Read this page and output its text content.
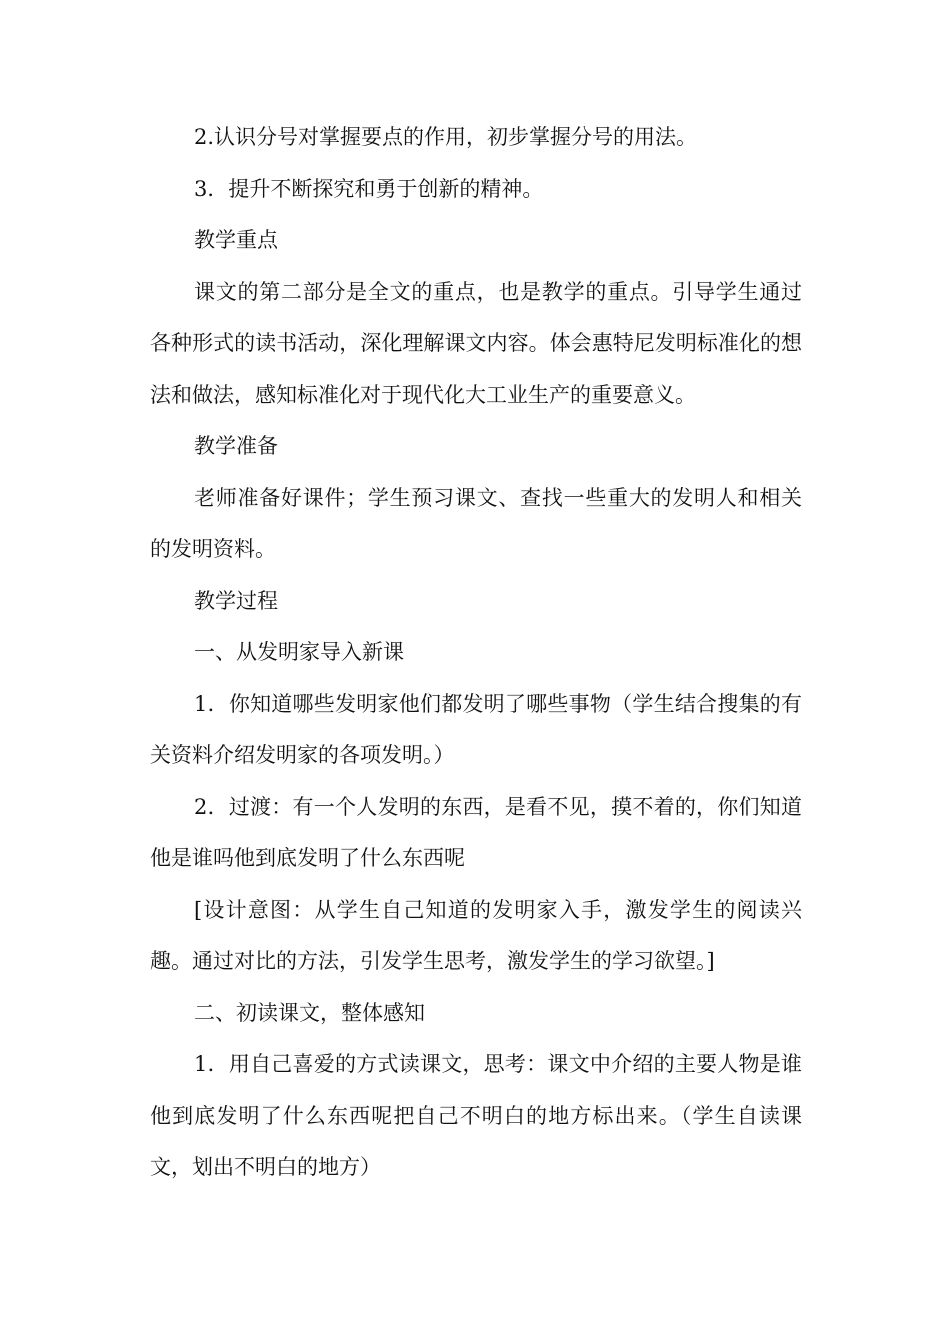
2.认识分号对掌握要点的作用，初步掌握分号的用法。

3．提升不断探究和勇于创新的精神。

教学重点

课文的第二部分是全文的重点，也是教学的重点。引导学生通过各种形式的读书活动，深化理解课文内容。体会惠特尼发明标准化的想法和做法，感知标准化对于现代化大工业生产的重要意义。

教学准备

老师准备好课件；学生预习课文、查找一些重大的发明人和相关的发明资料。

教学过程

一、从发明家导入新课

1．你知道哪些发明家他们都发明了哪些事物（学生结合搜集的有关资料介绍发明家的各项发明。）

2．过渡：有一个人发明的东西，是看不见，摸不着的，你们知道他是谁吗他到底发明了什么东西呢

[设计意图：从学生自己知道的发明家入手，激发学生的阅读兴趣。通过对比的方法，引发学生思考，激发学生的学习欲望。]

二、初读课文，整体感知

1．用自己喜爱的方式读课文，思考：课文中介绍的主要人物是谁他到底发明了什么东西呢把自己不明白的地方标出来。（学生自读课文，划出不明白的地方）
